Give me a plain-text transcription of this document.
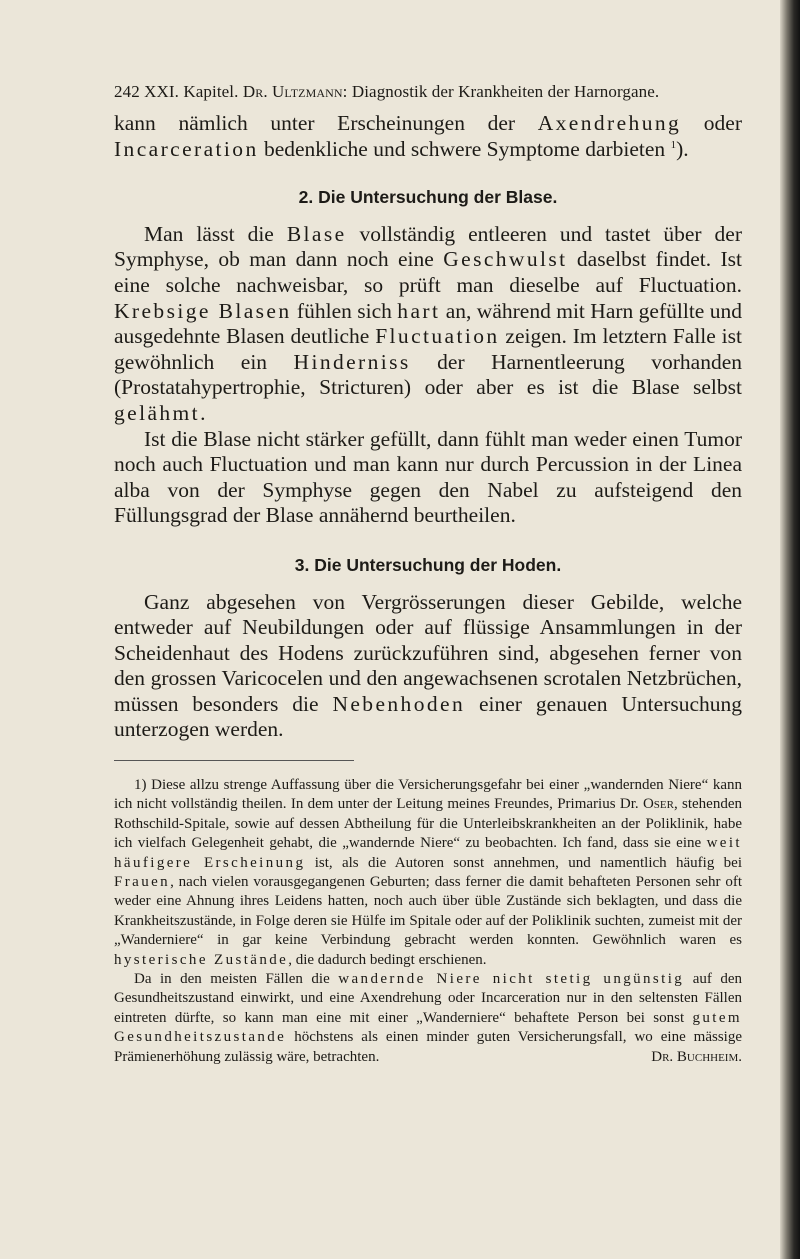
242 XXI. Kapitel. Dr. Ultzmann: Diagnostik der Krankheiten der Harnorgane.

kann nämlich unter Erscheinungen der Axendrehung oder Incarceration bedenkliche und schwere Symptome darbieten $^1$).

2. Die Untersuchung der Blase.

Man lässt die Blase vollständig entleeren und tastet über der Symphyse, ob man dann noch eine Geschwulst daselbst findet. Ist eine solche nachweisbar, so prüft man dieselbe auf Fluctuation. Krebsige Blasen fühlen sich hart an, während mit Harn gefüllte und ausgedehnte Blasen deutliche Fluctuation zeigen. Im letztern Falle ist gewöhnlich ein Hinderniss der Harnentleerung vorhanden (Prostatahypertrophie, Stricturen) oder aber es ist die Blase selbst gelähmt.

Ist die Blase nicht stärker gefüllt, dann fühlt man weder einen Tumor noch auch Fluctuation und man kann nur durch Percussion in der Linea alba von der Symphyse gegen den Nabel zu aufsteigend den Füllungsgrad der Blase annähernd beurtheilen.

3. Die Untersuchung der Hoden.

Ganz abgesehen von Vergrösserungen dieser Gebilde, welche entweder auf Neubildungen oder auf flüssige Ansammlungen in der Scheidenhaut des Hodens zurückzuführen sind, abgesehen ferner von den grossen Varicocelen und den angewachsenen scrotalen Netzbrüchen, müssen besonders die Nebenhoden einer genauen Untersuchung unterzogen werden.

1) Diese allzu strenge Auffassung über die Versicherungsgefahr bei einer „wandernden Niere“ kann ich nicht vollständig theilen. In dem unter der Leitung meines Freundes, Primarius Dr. Oser, stehenden Rothschild-Spitale, sowie auf dessen Abtheilung für die Unterleibskrankheiten an der Poliklinik, habe ich vielfach Gelegenheit gehabt, die „wandernde Niere“ zu beobachten. Ich fand, dass sie eine weit häufigere Erscheinung ist, als die Autoren sonst annehmen, und namentlich häufig bei Frauen, nach vielen vorausgegangenen Geburten; dass ferner die damit behafteten Personen sehr oft weder eine Ahnung ihres Leidens hatten, noch auch über üble Zustände sich beklagten, und dass die Krankheitszustände, in Folge deren sie Hülfe im Spitale oder auf der Poliklinik suchten, zumeist mit der „Wanderniere“ in gar keine Verbindung gebracht werden konnten. Gewöhnlich waren es hysterische Zustände, die dadurch bedingt erschienen.

Da in den meisten Fällen die wandernde Niere nicht stetig ungünstig auf den Gesundheitszustand einwirkt, und eine Axendrehung oder Incarceration nur in den seltensten Fällen eintreten dürfte, so kann man eine mit einer „Wanderniere“ behaftete Person bei sonst gutem Gesundheitszustande höchstens als einen minder guten Versicherungsfall, wo eine mässige Prämienerhöhung zulässig wäre, betrachten.	Dr. Buchheim.
